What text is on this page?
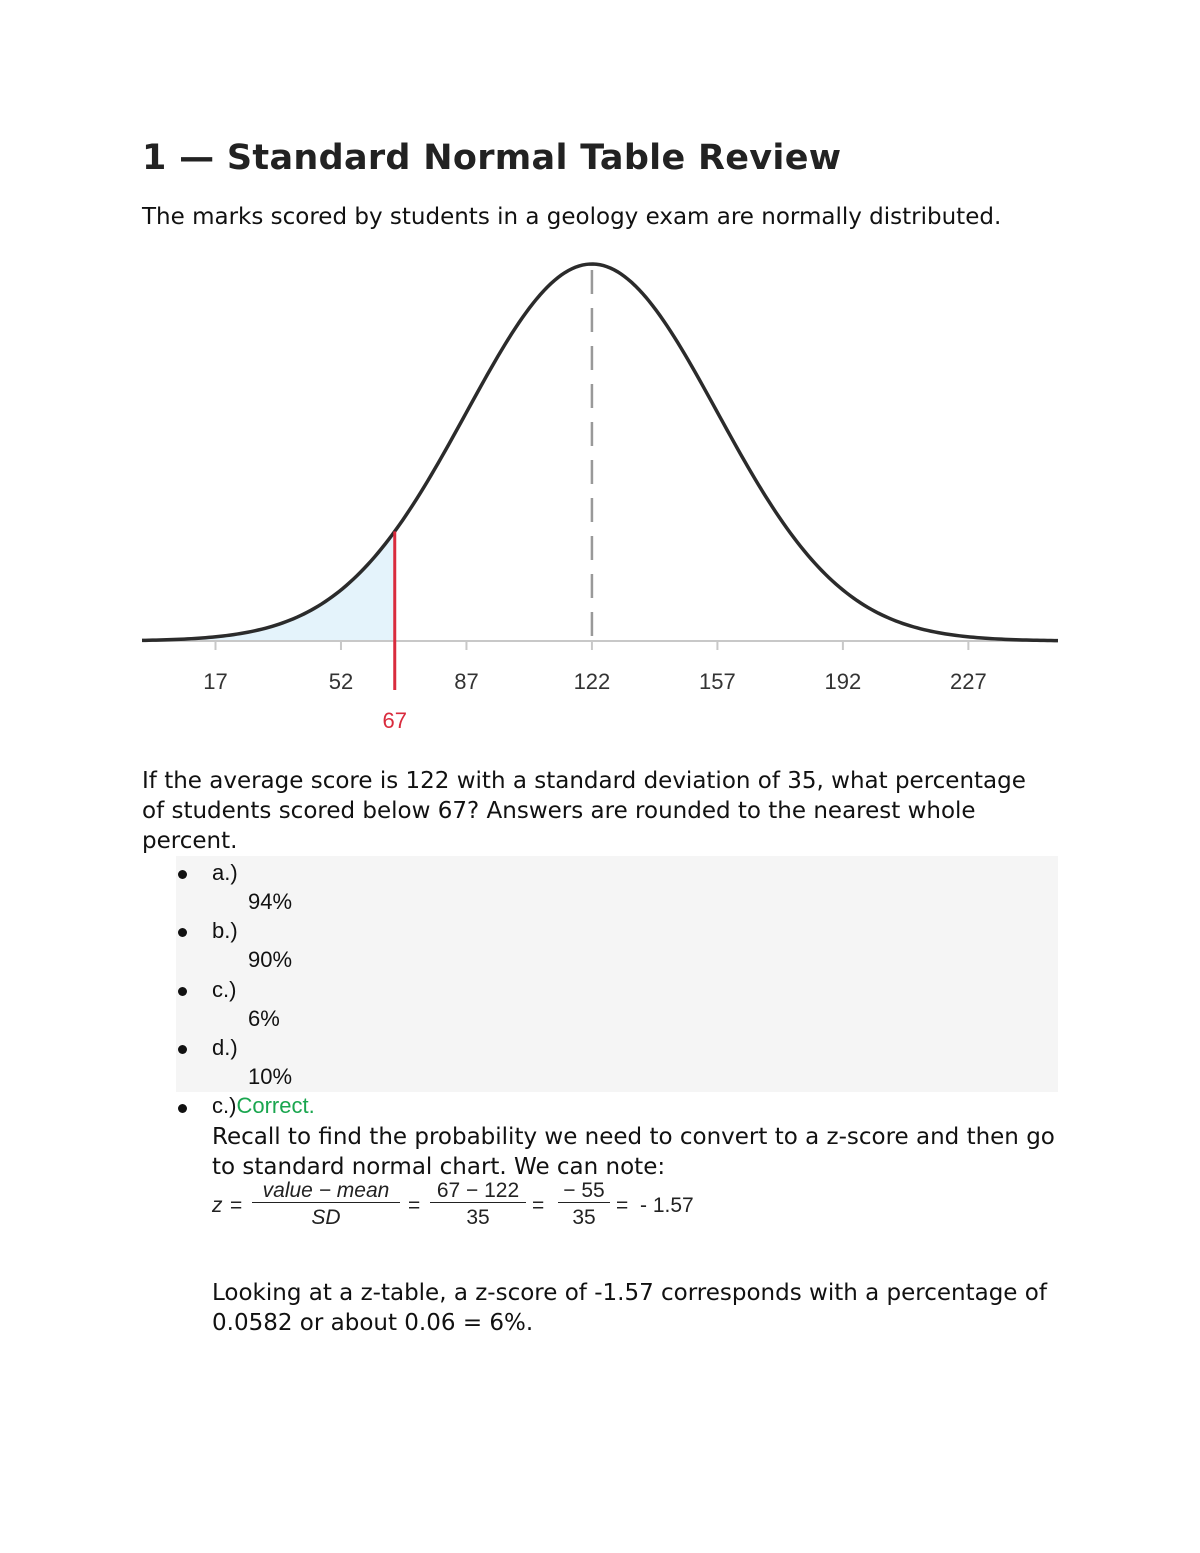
1 — Standard Normal Table Review

The marks scored by students in a geology exam are normally distributed.

17	52	87	122	157	192	227
67

If the average score is 122 with a standard deviation of 35, what percentage of students scored below 67? Answers are rounded to the nearest whole percent.

a.)
94%
b.)
90%
c.)
6%
d.)
10%
c.)Correct.

Recall to find the probability we need to convert to a z-score and then go to standard normal chart. We can note:

z =
value − mean
SD
= $\frac{67 - 122}{35} = \frac{- 55}{35}$ = - 1.57

Looking at a z-table, a z-score of -1.57 corresponds with a percentage of 0.0582 or about 0.06 = 6%.
